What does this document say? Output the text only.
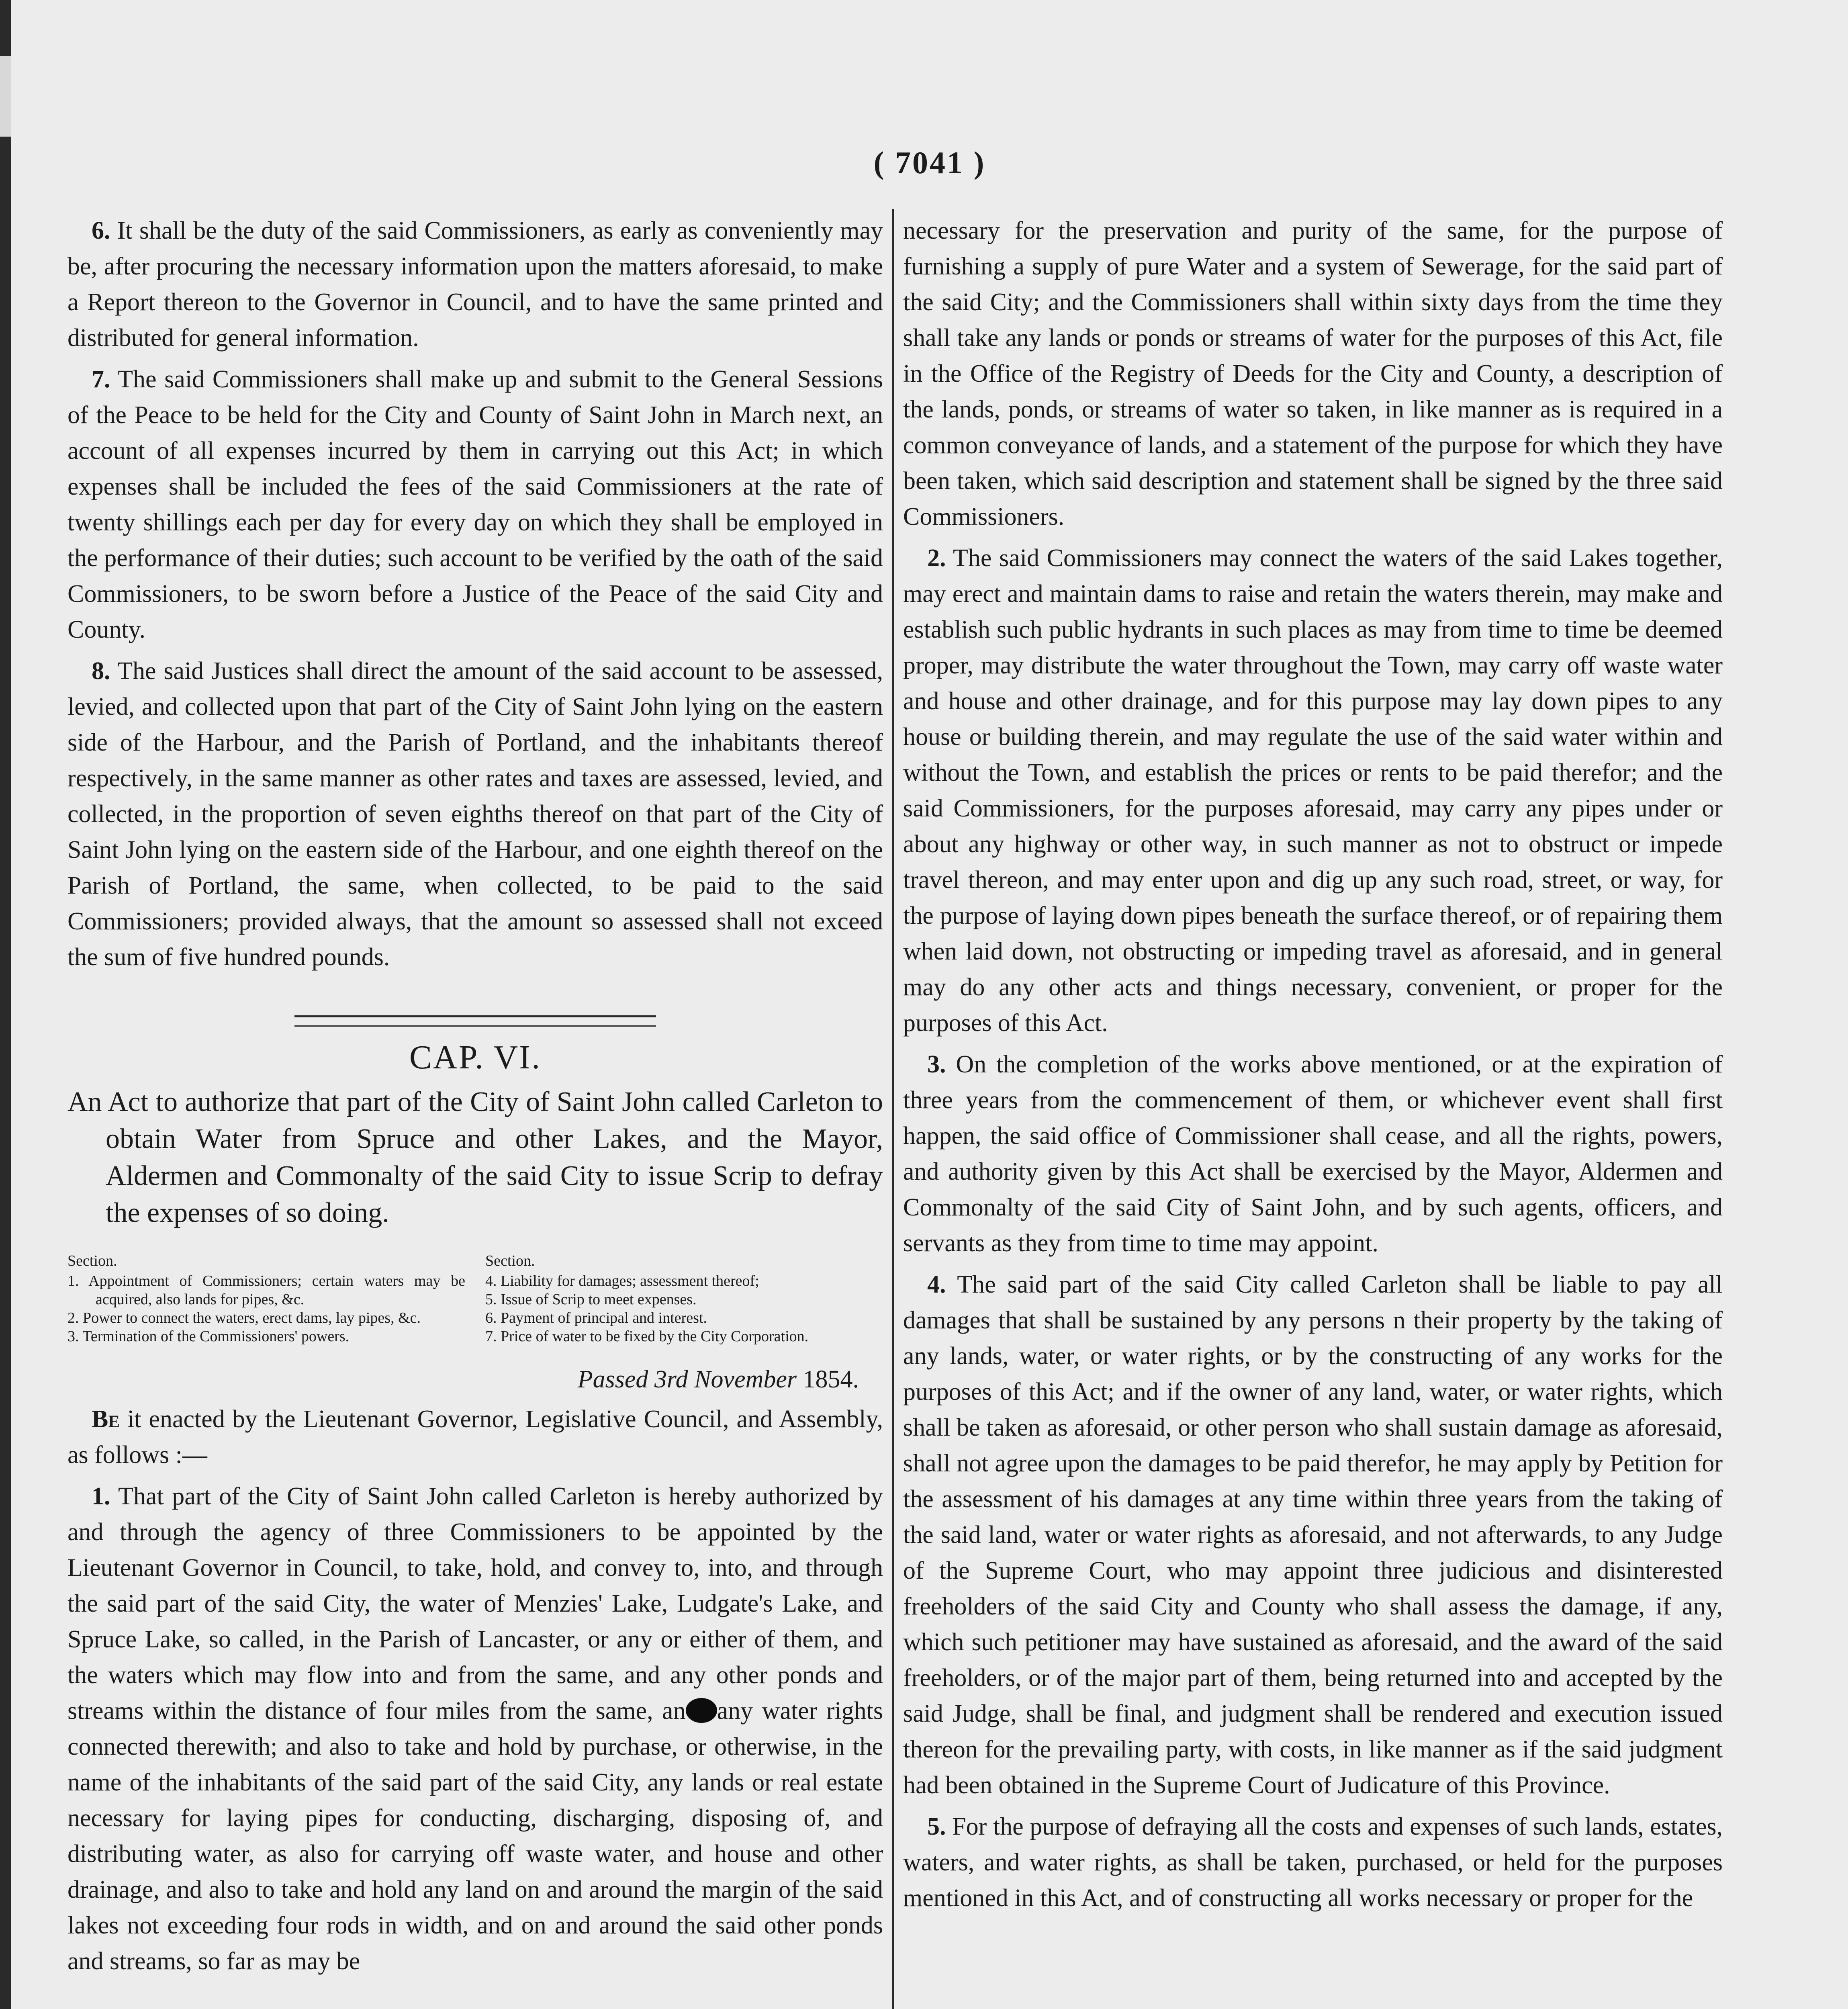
( 7041 )

6. It shall be the duty of the said Commissioners, as early as conveniently may be, after procuring the necessary information upon the matters aforesaid, to make a Report thereon to the Governor in Council, and to have the same printed and distributed for general information.

7. The said Commissioners shall make up and submit to the General Sessions of the Peace to be held for the City and County of Saint John in March next, an account of all expenses incurred by them in carrying out this Act; in which expenses shall be included the fees of the said Commissioners at the rate of twenty shillings each per day for every day on which they shall be employed in the performance of their duties; such account to be verified by the oath of the said Commissioners, to be sworn before a Justice of the Peace of the said City and County.

8. The said Justices shall direct the amount of the said account to be assessed, levied, and collected upon that part of the City of Saint John lying on the eastern side of the Harbour, and the Parish of Portland, and the inhabitants thereof respectively, in the same manner as other rates and taxes are assessed, levied, and collected, in the proportion of seven eighths thereof on that part of the City of Saint John lying on the eastern side of the Harbour, and one eighth thereof on the Parish of Portland, the same, when collected, to be paid to the said Commissioners; provided always, that the amount so assessed shall not exceed the sum of five hundred pounds.

CAP. VI.
An Act to authorize that part of the City of Saint John called Carleton to obtain Water from Spruce and other Lakes, and the Mayor, Aldermen and Commonalty of the said City to issue Scrip to defray the expenses of so doing.
Section.
1. Appointment of Commissioners; certain waters may be acquired, also lands for pipes, &c.
2. Power to connect the waters, erect dams, lay pipes, &c.
3. Termination of the Commissioners' powers.
Section.
4. Liability for damages; assessment thereof;
5. Issue of Scrip to meet expenses.
6. Payment of principal and interest.
7. Price of water to be fixed by the City Corporation.
Passed 3rd November 1854.

Be it enacted by the Lieutenant Governor, Legislative Council, and Assembly, as follows :—

1. That part of the City of Saint John called Carleton is hereby authorized by and through the agency of three Commissioners to be appointed by the Lieutenant Governor in Council, to take, hold, and convey to, into, and through the said part of the said City, the water of Menzies' Lake, Ludgate's Lake, and Spruce Lake, so called, in the Parish of Lancaster, or any or either of them, and the waters which may flow into and from the same, and any other ponds and streams within the distance of four miles from the same, an any water rights connected therewith; and also to take and hold by purchase, or otherwise, in the name of the inhabitants of the said part of the said City, any lands or real estate necessary for laying pipes for conducting, discharging, disposing of, and distributing water, as also for carrying off waste water, and house and other drainage, and also to take and hold any land on and around the margin of the said lakes not exceeding four rods in width, and on and around the said other ponds and streams, so far as may be

necessary for the preservation and purity of the same, for the purpose of furnishing a supply of pure Water and a system of Sewerage, for the said part of the said City; and the Commissioners shall within sixty days from the time they shall take any lands or ponds or streams of water for the purposes of this Act, file in the Office of the Registry of Deeds for the City and County, a description of the lands, ponds, or streams of water so taken, in like manner as is required in a common conveyance of lands, and a statement of the purpose for which they have been taken, which said description and statement shall be signed by the three said Commissioners.

2. The said Commissioners may connect the waters of the said Lakes together, may erect and maintain dams to raise and retain the waters therein, may make and establish such public hydrants in such places as may from time to time be deemed proper, may distribute the water throughout the Town, may carry off waste water and house and other drainage, and for this purpose may lay down pipes to any house or building therein, and may regulate the use of the said water within and without the Town, and establish the prices or rents to be paid therefor; and the said Commissioners, for the purposes aforesaid, may carry any pipes under or about any highway or other way, in such manner as not to obstruct or impede travel thereon, and may enter upon and dig up any such road, street, or way, for the purpose of laying down pipes beneath the surface thereof, or of repairing them when laid down, not obstructing or impeding travel as aforesaid, and in general may do any other acts and things necessary, convenient, or proper for the purposes of this Act.

3. On the completion of the works above mentioned, or at the expiration of three years from the commencement of them, or whichever event shall first happen, the said office of Commissioner shall cease, and all the rights, powers, and authority given by this Act shall be exercised by the Mayor, Aldermen and Commonalty of the said City of Saint John, and by such agents, officers, and servants as they from time to time may appoint.

4. The said part of the said City called Carleton shall be liable to pay all damages that shall be sustained by any persons n their property by the taking of any lands, water, or water rights, or by the constructing of any works for the purposes of this Act; and if the owner of any land, water, or water rights, which shall be taken as aforesaid, or other person who shall sustain damage as aforesaid, shall not agree upon the damages to be paid therefor, he may apply by Petition for the assessment of his damages at any time within three years from the taking of the said land, water or water rights as aforesaid, and not afterwards, to any Judge of the Supreme Court, who may appoint three judicious and disinterested freeholders of the said City and County who shall assess the damage, if any, which such petitioner may have sustained as aforesaid, and the award of the said freeholders, or of the major part of them, being returned into and accepted by the said Judge, shall be final, and judgment shall be rendered and execution issued thereon for the prevailing party, with costs, in like manner as if the said judgment had been obtained in the Supreme Court of Judicature of this Province.

5. For the purpose of defraying all the costs and expenses of such lands, estates, waters, and water rights, as shall be taken, purchased, or held for the purposes mentioned in this Act, and of constructing all works necessary or proper for the
